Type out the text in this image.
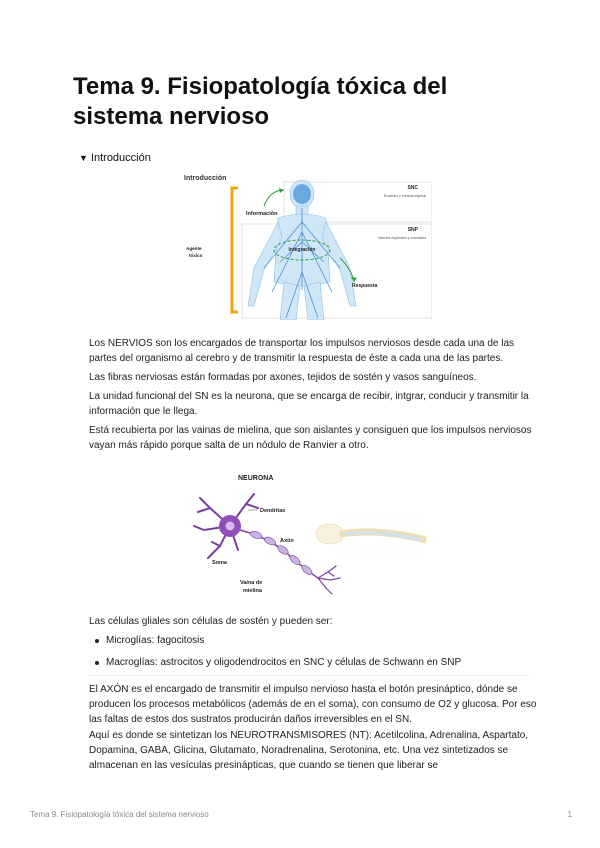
Tema 9. Fisiopatología tóxica del sistema nervioso
▼ Introducción
Introducción
SNC
Encéfalo y médula espinal
SNP
Nervios espinales y craneales
Información
Integración
Respuesta
Agente
tóxico

Los NERVIOS son los encargados de transportar los impulsos nerviosos desde cada una de las partes del organismo al cerebro y de transmitir la respuesta de éste a cada una de las partes.

Las fibras nerviosas están formadas por axones, tejidos de sostén y vasos sanguíneos.

La unidad funcional del SN es la neurona, que se encarga de recibir, intgrar, conducir y transmitir la información que le llega.

Está recubierta por las vainas de mielina, que son aislantes y consiguen que los impulsos nerviosos vayan más rápido porque salta de un nódulo de Ranvier a otro.

NEURONA
Dendritas
Axón
Soma
Vaina de
mielina

Las células gliales son células de sostén y pueden ser:

Microglías: fagocitosis
Macroglías: astrocitos y oligodendrocitos en SNC y células de Schwann en SNP

El AXÓN es el encargado de transmitir el impulso nervioso hasta el botón presináptico, dónde se producen los procesos metabólicos (además de en el soma), con consumo de O2 y glucosa. Por eso las faltas de estos dos sustratos producirán daños irreversibles en el SN.

Aquí es donde se sintetizan los NEUROTRANSMISORES (NT): Acetilcolina, Adrenalina, Aspartato, Dopamina, GABA, Glicina, Glutamato, Noradrenalina, Serotonina, etc. Una vez sintetizados se almacenan en las vesículas presinápticas, que cuando se tienen que liberar se

Tema 9. Fisiopatología tóxica del sistema nervioso	1
